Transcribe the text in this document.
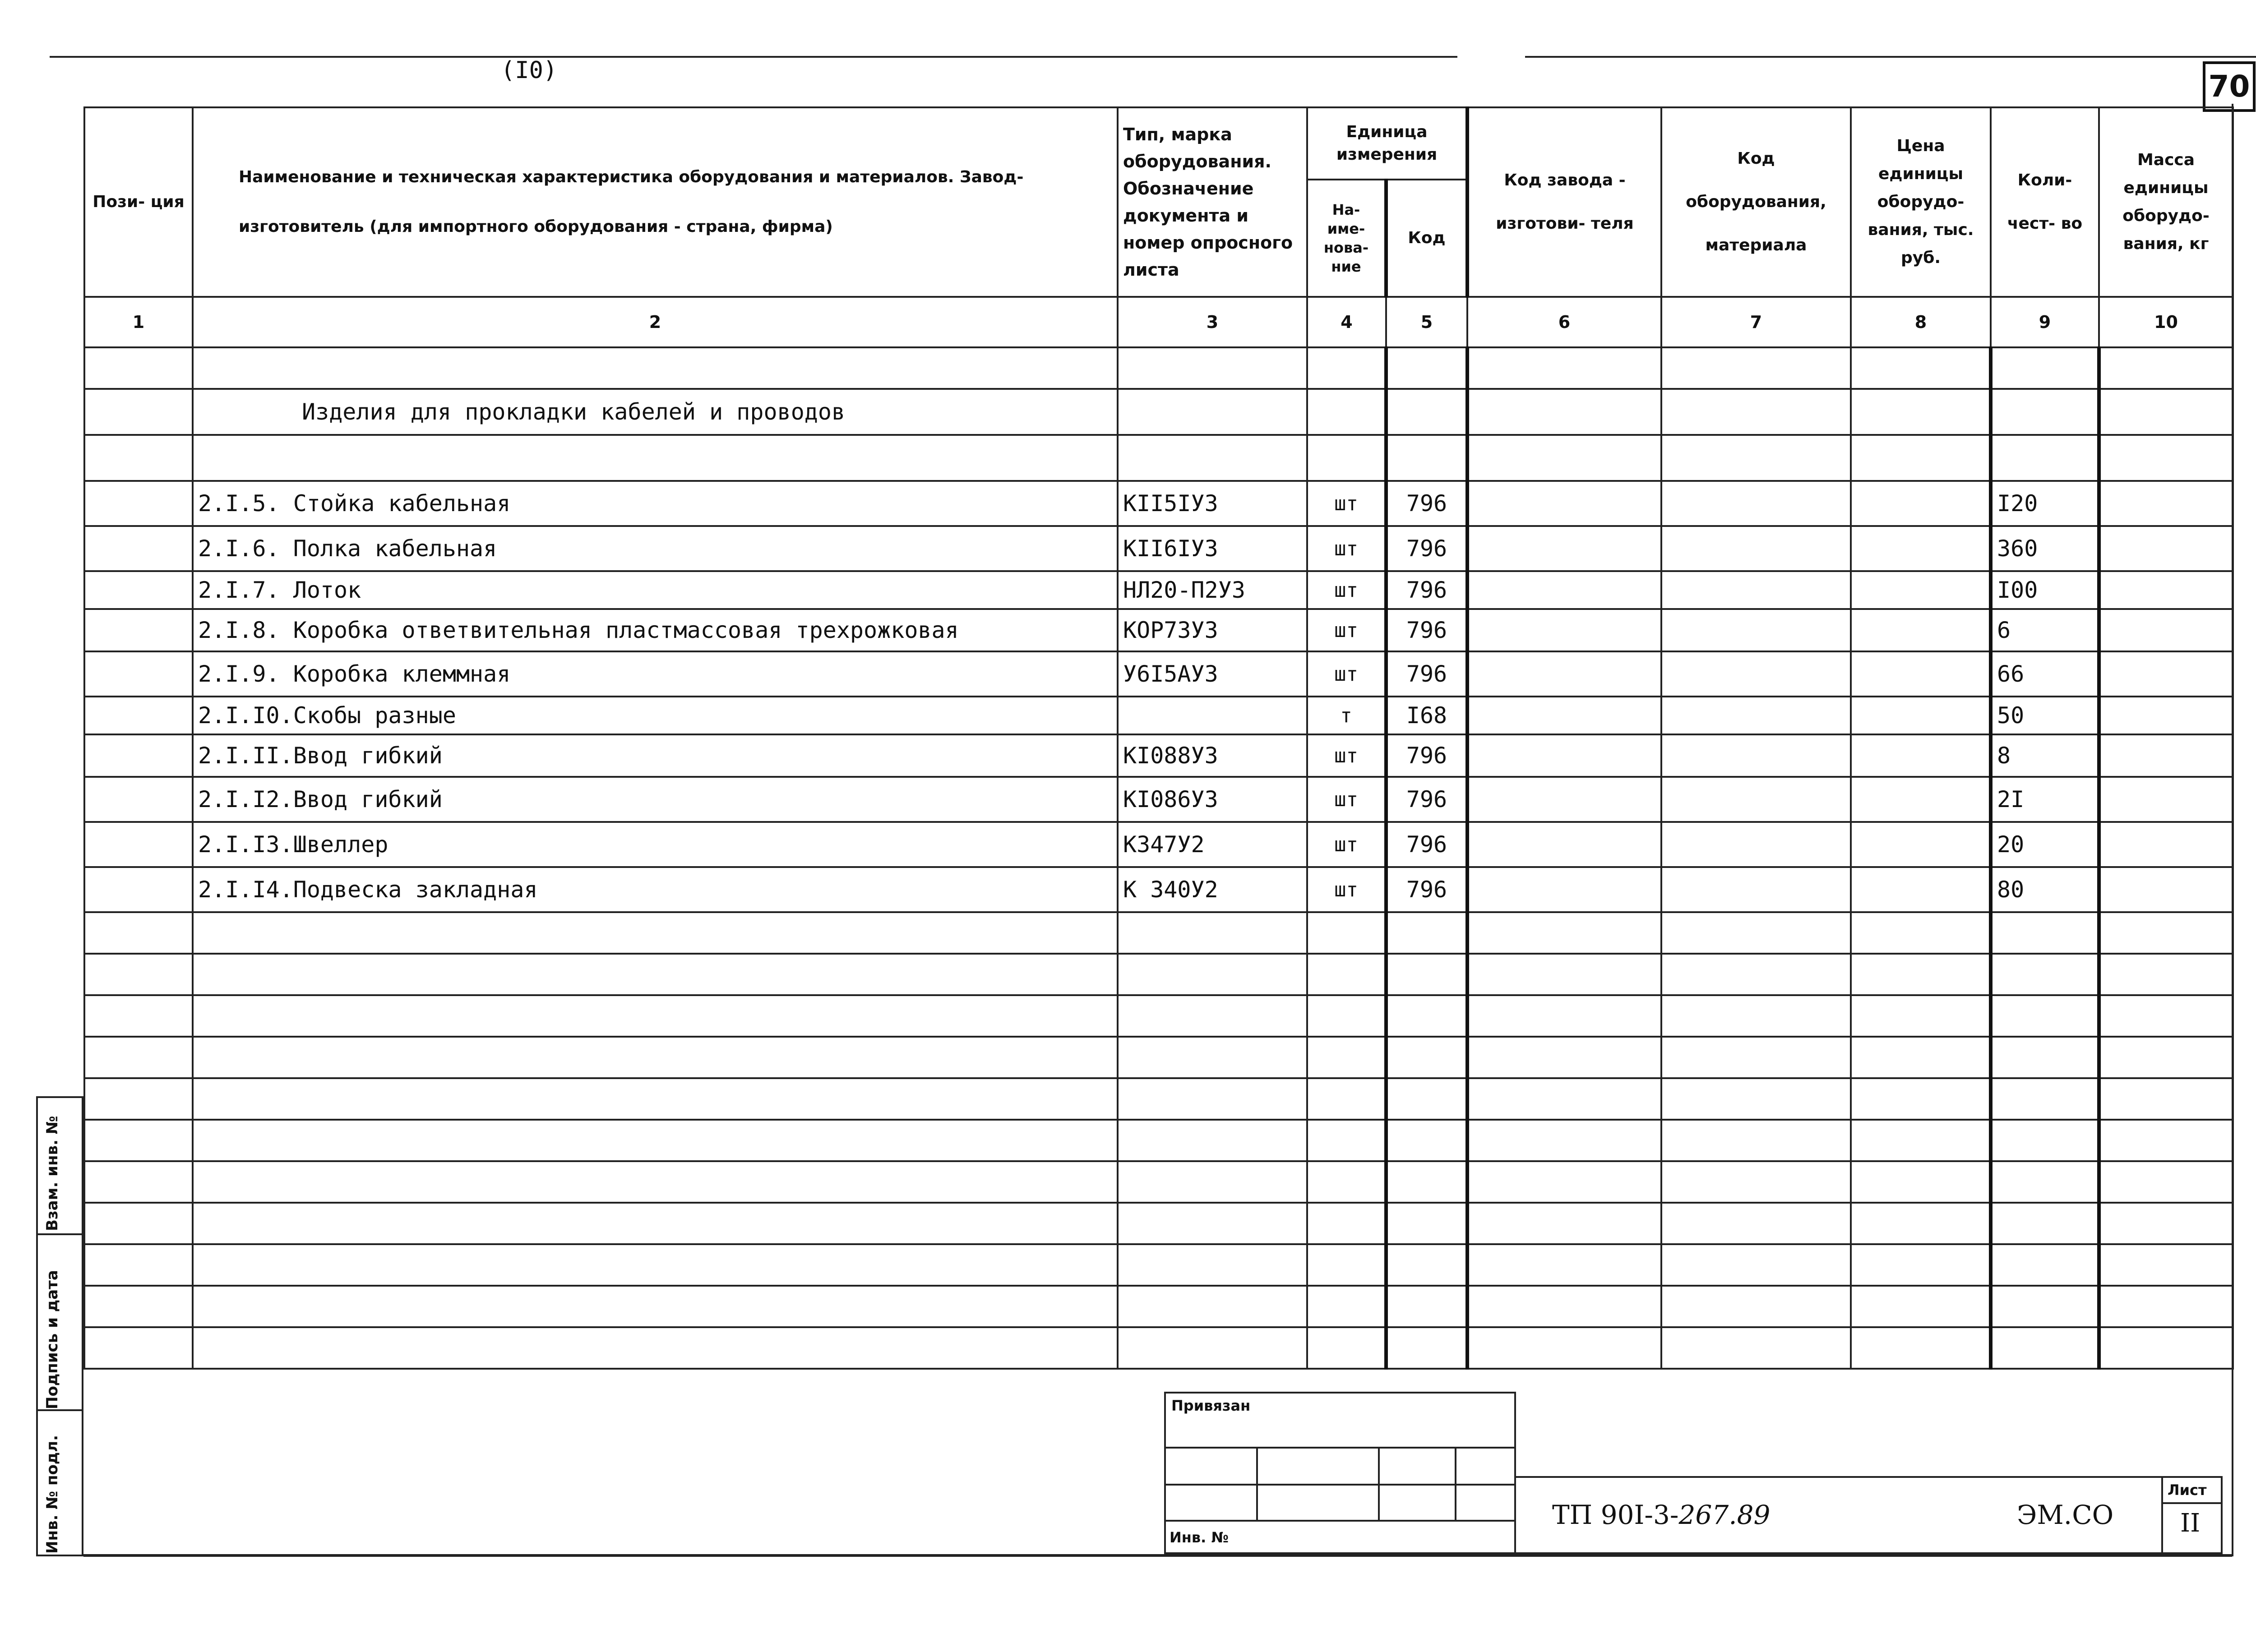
(I0)	70
Пози- ция	Наименование и техническая характеристика оборудования и материалов. Завод-изготовитель (для импортного оборудования - страна, фирма)	Тип, марка оборудования. Обозначение документа и номер опросного листа	Единица измерения		Код завода - изготови- теля	Код оборудования, материала	Цена единицы оборудо- вания, тыс. руб.	Коли- чест- во	Масса единицы оборудо- вания, кг
			На- име- нова- ние	Код					
1	2	3	4	5	6	7	8	9	10

	Изделия для прокладки кабелей и проводов								

	2.I.5. Стойка кабельная	KII5IУ3	шт	796				I20	
	2.I.6. Полка кабельная	KII6IУ3	шт	796				360	
	2.I.7. Лоток	НЛ20-П2У3	шт	796				I00	
	2.I.8. Коробка ответвительная пластмассовая трехрожковая	КОР73У3	шт	796				6	
	2.I.9. Коробка клеммная	У6I5АУ3	шт	796				66	
	2.I.I0.Скобы разные		т	I68				50	
	2.I.II.Ввод гибкий	KI088У3	шт	796				8	
	2.I.I2.Ввод гибкий	KI086У3	шт	796				2I	
	2.I.I3.Швеллер	К347У2	шт	796				20	
	2.I.I4.Подвеска закладная	К 340У2	шт	796				80	

Взам. инв. №
Подпись и дата
Инв. № подл.
Привязан
Инв. №
ТП 90I-3-267.89	ЭМ.СО
Лист
II
